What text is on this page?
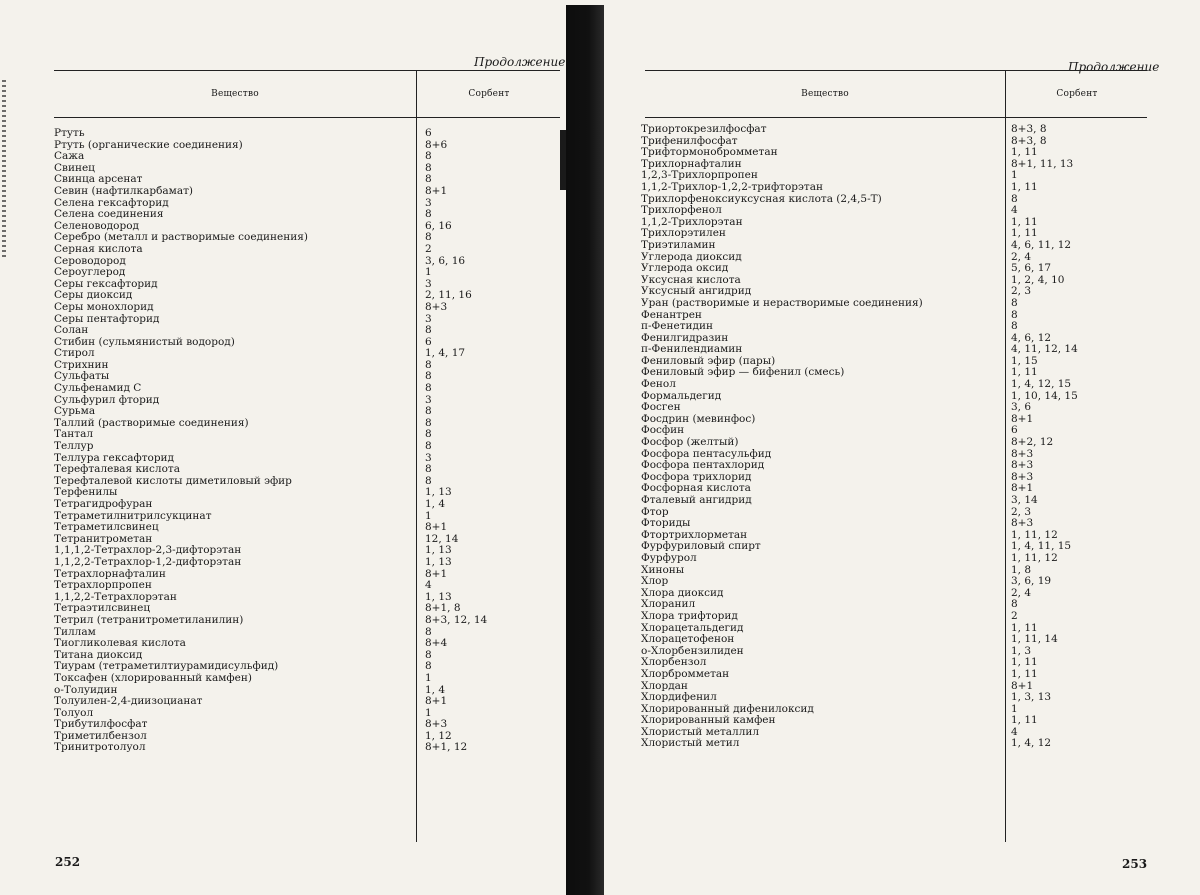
Продолжение
Вещество	Сорбент
Ртуть	6
Ртуть (органические соединения)	8+6
Сажа	8
Свинец	8
Свинца арсенат	8
Севин (нафтилкарбамат)	8+1
Селена гексафторид	3
Селена соединения	8
Селеноводород	6, 16
Серебро (металл и растворимые соединения)	8
Серная кислота	2
Сероводород	3, 6, 16
Сероуглерод	1
Серы гексафторид	3
Серы диоксид	2, 11, 16
Серы монохлорид	8+3
Серы пентафторид	3
Солан	8
Стибин (сульмянистый водород)	6
Стирол	1, 4, 17
Стрихнин	8
Сульфаты	8
Сульфенамид С	8
Сульфурил фторид	3
Сурьма	8
Таллий (растворимые соединения)	8
Тантал	8
Теллур	8
Теллура гексафторид	3
Терефталевая кислота	8
Терефталевой кислоты диметиловый эфир	8
Терфенилы	1, 13
Тетрагидрофуран	1, 4
Тетраметилнитрилсукцинат	1
Тетраметилсвинец	8+1
Тетранитрометан	12, 14
1,1,1,2-Тетрахлор-2,3-дифторэтан	1, 13
1,1,2,2-Тетрахлор-1,2-дифторэтан	1, 13
Тетрахлорнафталин	8+1
Тетрахлорпропен	4
1,1,2,2-Тетрахлорэтан	1, 13
Тетраэтилсвинец	8+1, 8
Тетрил (тетранитрометиланилин)	8+3, 12, 14
Тиллам	8
Тиогликолевая кислота	8+4
Титана диоксид	8
Тиурам (тетраметилтиурамидисульфид)	8
Токсафен (хлорированный камфен)	1
о-Толуидин	1, 4
Толуилен-2,4-диизоцианат	8+1
Толуол	1
Трибутилфосфат	8+3
Триметилбензол	1, 12
Тринитротолуол	8+1, 12
252
Продолжение
Вещество	Сорбент
Триортокрезилфосфат	8+3, 8
Трифенилфосфат	8+3, 8
Трифтормонобромметан	1, 11
Трихлорнафталин	8+1, 11, 13
1,2,3-Трихлорпропен	1
1,1,2-Трихлор-1,2,2-трифторэтан	1, 11
Трихлорфеноксиуксусная кислота (2,4,5-Т)	8
Трихлорфенол	4
1,1,2-Трихлорэтан	1, 11
Трихлорэтилен	1, 11
Триэтиламин	4, 6, 11, 12
Углерода диоксид	2, 4
Углерода оксид	5, 6, 17
Уксусная кислота	1, 2, 4, 10
Уксусный ангидрид	2, 3
Уран (растворимые и нерастворимые соединения)	8
Фенантрен	8
п-Фенетидин	8
Фенилгидразин	4, 6, 12
п-Фенилендиамин	4, 11, 12, 14
Фениловый эфир (пары)	1, 15
Фениловый эфир — бифенил (смесь)	1, 11
Фенол	1, 4, 12, 15
Формальдегид	1, 10, 14, 15
Фосген	3, 6
Фосдрин (мевинфос)	8+1
Фосфин	6
Фосфор (желтый)	8+2, 12
Фосфора пентасульфид	8+3
Фосфора пентахлорид	8+3
Фосфора трихлорид	8+3
Фосфорная кислота	8+1
Фталевый ангидрид	3, 14
Фтор	2, 3
Фториды	8+3
Фтортрихлорметан	1, 11, 12
Фурфуриловый спирт	1, 4, 11, 15
Фурфурол	1, 11, 12
Хиноны	1, 8
Хлор	3, 6, 19
Хлора диоксид	2, 4
Хлоранил	8
Хлора трифторид	2
Хлорацетальдегид	1, 11
Хлорацетофенон	1, 11, 14
о-Хлорбензилиден	1, 3
Хлорбензол	1, 11
Хлорбромметан	1, 11
Хлордан	8+1
Хлордифенил	1, 3, 13
Хлорированный дифенилоксид	1
Хлорированный камфен	1, 11
Хлористый металлил	4
Хлористый метил	1, 4, 12
253
